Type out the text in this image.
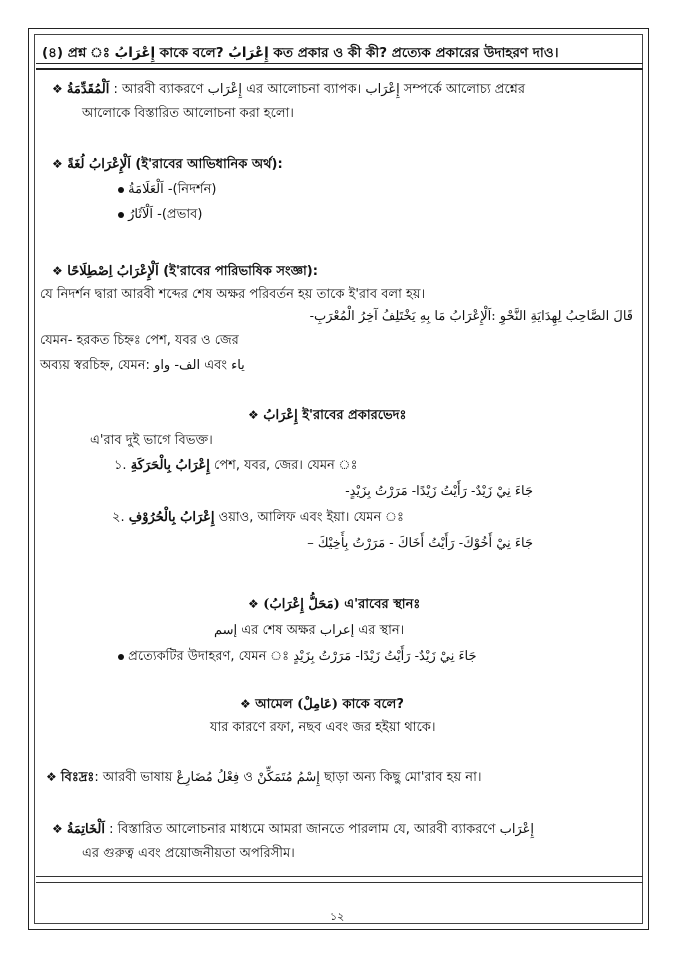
(৪) প্রশ্ন ঃ إِعْرَابُ কাকে বলে? إِعْرَابُ কত প্রকার ও কী কী? প্রত্যেক প্রকারের উদাহরণ দাও।
❖ اَلْمُقَدِّمَةُ : আরবী ব্যাকরণে إِعْرَاب এর আলোচনা ব্যাপক। إِعْرَاب সম্পর্কে আলোচ্য প্রশ্নের
আলোকে বিস্তারিত আলোচনা করা হলো।
❖ اَلْإِعْرَابُ لُغَةً (ই'রাবের আভিধানিক অর্থ):
اَلْعَلَامَةُ -(নিদর্শন)
اَلْآثَارُ -(প্রভাব)
❖ اَلْإِعْرَابُ اِصْطِلَاحًا (ই'রাবের পারিভাষিক সংজ্ঞা):
যে নিদর্শন দ্বারা আরবী শব্দের শেষ অক্ষর পরিবর্তন হয় তাকে ই'রাব বলা হয়।
قَالَ الصَّاحِبُ لِهِدَايَةِ النَّحْوِ :اَلْإِعْرَابُ مَا بِهِ يَخْتَلِفُ آخِرُ الْمُعْرَبِ-
যেমন- হরকত চিহ্নঃ পেশ, যবর ও জের
অব্যয় স্বরচিহ্ন, যেমন: الف- واو এবং ياء
❖ إِعْرَابُ ই'রাবের প্রকারভেদঃ
এ'রাব দুই ভাগে বিভক্ত।
১. إِعْرَابُ بِالْحَرَكَةِ পেশ, যবর, জের। যেমন ঃ
جَاءَ نِيْ زَيْدٌ- رَأَيْتُ زَيْدًا- مَرَرْتُ بِزَيْدٍ-
২. إِعْرَابُ بِالْحُرُوْفِ ওয়াও, আলিফ এবং ইয়া। যেমন ঃ
جَاءَ نِيْ أَخُوْكَ- رَأَيْتُ أَخَاكَ - مَرَرْتُ بِأَخِيْكَ –
❖ (مَحَلُّ إِعْرَابُ) এ'রাবের স্থানঃ
إسم এর শেষ অক্ষর إعراب এর স্থান।
প্রত্যেকটির উদাহরণ, যেমন ঃ جَاءَ نِيْ زَيْدٌ- رَأَيْتُ زَيْدًا- مَرَرْتُ بِزَيْدٍ
❖ আমেল (عَامِلْ) কাকে বলে?
যার কারণে রফা, নছব এবং জর হইয়া থাকে।
❖ বিঃদ্রঃ: আরবী ভাষায় فِعْلُ مُضَارِعْ ও إِسْمُ مُتَمَكِّنْ ছাড়া অন্য কিছু মো'রাব হয় না।
❖ اَلْخَاتِمَةُ : বিস্তারিত আলোচনার মাধ্যমে আমরা জানতে পারলাম যে, আরবী ব্যাকরণে إِعْرَاب
এর গুরুত্ব এবং প্রয়োজনীয়তা অপরিসীম।
১২
